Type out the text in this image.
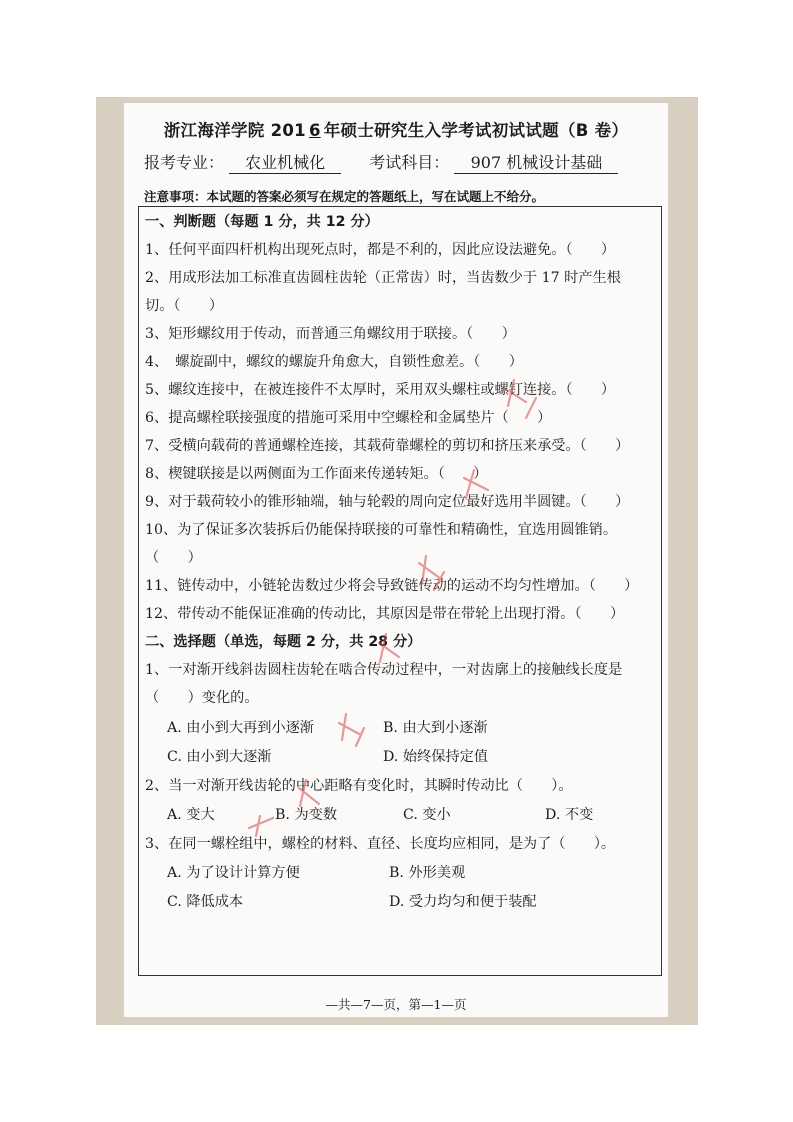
浙江海洋学院 201 6 年硕士研究生入学考试初试试题（B 卷）
报考专业： 农业机械化	考试科目： 907 机械设计基础
注意事项：本试题的答案必须写在规定的答题纸上，写在试题上不给分。
一、判断题（每题 1 分，共 12 分）
1、任何平面四杆机构出现死点时，都是不利的，因此应设法避免。（　　）
2、用成形法加工标准直齿圆柱齿轮（正常齿）时，当齿数少于 17 时产生根
切。（　　）
3、矩形螺纹用于传动，而普通三角螺纹用于联接。（　　）
4、　螺旋副中，螺纹的螺旋升角愈大，自锁性愈差。（　　）
5、螺纹连接中，在被连接件不太厚时，采用双头螺柱或螺钉连接。（　　）
6、提高螺栓联接强度的措施可采用中空螺栓和金属垫片（　　）
7、受横向载荷的普通螺栓连接，其载荷靠螺栓的剪切和挤压来承受。（　　）
8、楔键联接是以两侧面为工作面来传递转矩。（　　）
9、对于载荷较小的锥形轴端，轴与轮毂的周向定位最好选用半圆键。（　　）
10、为了保证多次装拆后仍能保持联接的可靠性和精确性，宜选用圆锥销。
（　　）
11、链传动中，小链轮齿数过少将会导致链传动的运动不均匀性增加。（　　）
12、带传动不能保证准确的传动比，其原因是带在带轮上出现打滑。（　　）
二、选择题（单选，每题 2 分，共 28 分）
1、一对渐开线斜齿圆柱齿轮在啮合传动过程中，一对齿廓上的接触线长度是
（　　）变化的。
A. 由小到大再到小逐渐	B. 由大到小逐渐
C. 由小到大逐渐	D. 始终保持定值
2、当一对渐开线齿轮的中心距略有变化时，其瞬时传动比（　　）。
A. 变大	B. 为变数	C. 变小	D. 不变
3、在同一螺栓组中，螺栓的材料、直径、长度均应相同，是为了（　　）。
A. 为了设计计算方便	B. 外形美观
C. 降低成本	D. 受力均匀和便于装配
—共—7—页，第—1—页
